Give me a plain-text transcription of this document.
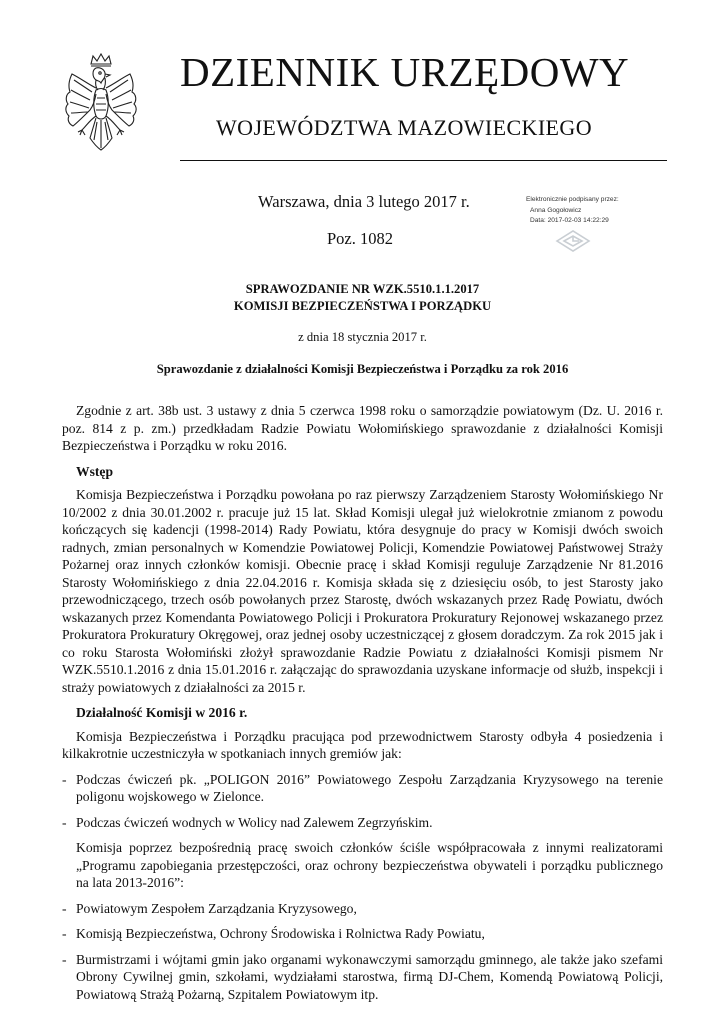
DZIENNIK URZĘDOWY
WOJEWÓDZTWA MAZOWIECKIEGO
Warszawa, dnia 3 lutego 2017 r.
Poz. 1082
Elektronicznie podpisany przez:
Anna Gogołowicz
Data: 2017-02-03 14:22:29
SPRAWOZDANIE NR WZK.5510.1.1.2017
KOMISJI BEZPIECZEŃSTWA I PORZĄDKU
z dnia 18 stycznia 2017 r.
Sprawozdanie z działalności Komisji Bezpieczeństwa i Porządku za rok 2016

Zgodnie z art. 38b ust. 3 ustawy z dnia 5 czerwca 1998 roku o samorządzie powiatowym (Dz. U. 2016 r. poz. 814 z p. zm.) przedkładam Radzie Powiatu Wołomińskiego sprawozdanie z działalności Komisji Bezpieczeństwa i Porządku w roku 2016.

Wstęp

Komisja Bezpieczeństwa i Porządku powołana po raz pierwszy Zarządzeniem Starosty Wołomińskiego Nr 10/2002 z dnia 30.01.2002 r. pracuje już 15 lat. Skład Komisji ulegał już wielokrotnie zmianom z powodu kończących się kadencji (1998-2014) Rady Powiatu, która desygnuje do pracy w Komisji dwóch swoich radnych, zmian personalnych w Komendzie Powiatowej Policji, Komendzie Powiatowej Państwowej Straży Pożarnej oraz innych członków komisji. Obecnie pracę i skład Komisji reguluje Zarządzenie Nr 81.2016 Starosty Wołomińskiego z dnia 22.04.2016 r. Komisja składa się z dziesięciu osób, to jest Starosty jako przewodniczącego, trzech osób powołanych przez Starostę, dwóch wskazanych przez Radę Powiatu, dwóch wskazanych przez Komendanta Powiatowego Policji i Prokuratora Prokuratury Rejonowej wskazanego przez Prokuratora Prokuratury Okręgowej, oraz jednej osoby uczestniczącej z głosem doradczym. Za rok 2015 jak i co roku Starosta Wołomiński złożył sprawozdanie Radzie Powiatu z działalności Komisji pismem Nr WZK.5510.1.2016 z dnia 15.01.2016 r. załączając do sprawozdania uzyskane informacje od służb, inspekcji i straży powiatowych z działalności za 2015 r.

Działalność Komisji w 2016 r.

Komisja Bezpieczeństwa i Porządku pracująca pod przewodnictwem Starosty odbyła 4 posiedzenia i kilkakrotnie uczestniczyła w spotkaniach innych gremiów jak:

- Podczas ćwiczeń pk. „POLIGON 2016” Powiatowego Zespołu Zarządzania Kryzysowego na terenie poligonu wojskowego w Zielonce.
- Podczas ćwiczeń wodnych w Wolicy nad Zalewem Zegrzyńskim.

Komisja poprzez bezpośrednią pracę swoich członków ściśle współpracowała z innymi realizatorami „Programu zapobiegania przestępczości, oraz ochrony bezpieczeństwa obywateli i porządku publicznego na lata 2013-2016”:

- Powiatowym Zespołem Zarządzania Kryzysowego,
- Komisją Bezpieczeństwa, Ochrony Środowiska i Rolnictwa Rady Powiatu,
- Burmistrzami i wójtami gmin jako organami wykonawczymi samorządu gminnego, ale także jako szefami Obrony Cywilnej gmin, szkołami, wydziałami starostwa, firmą DJ-Chem, Komendą Powiatową Policji, Powiatową Strażą Pożarną, Szpitalem Powiatowym itp.
